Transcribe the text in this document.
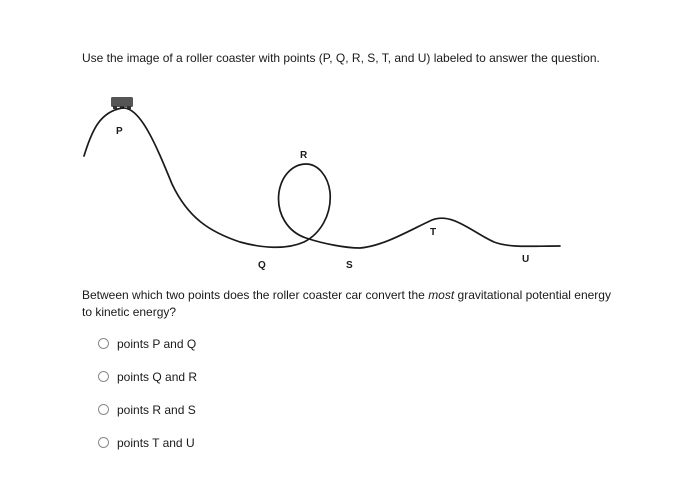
Use the image of a roller coaster with points (P, Q, R, S, T, and U) labeled to answer the question.
P
R
T
Q	S
U
Between which two points does the roller coaster car convert the most gravitational potential energy to kinetic energy?
points P and Q
points Q and R
points R and S
points T and U
